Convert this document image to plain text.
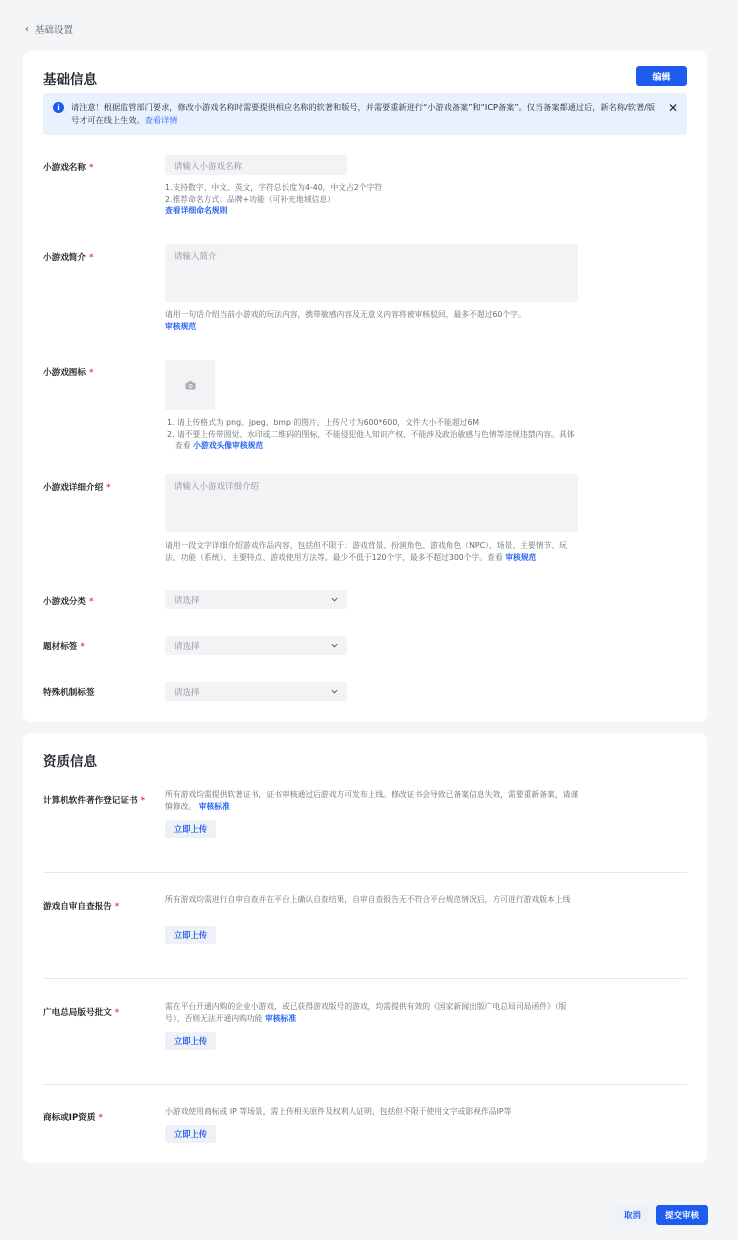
‹ 基础设置
基础信息	编辑
i	请注意！根据监管部门要求，修改小游戏名称时需要提供相应名称的软著和版号，并需要重新进行“小游戏备案”和“ICP备案”。仅当备案都通过后，新名称/软著/版号才可在线上生效。查看详情
✕
小游戏名称 *	请输入小游戏名称
1.支持数字、中文、英文，字符总长度为4-40，中文占2个字符
2.推荐命名方式：品牌+功能（可补充地域信息）
查看详细命名规则
小游戏简介 *	请输入简介
请用一句话介绍当前小游戏的玩法内容，携带敏感内容及无意义内容将被审核驳回，最多不超过60个字。
审核规范
小游戏图标 *
1. 请上传格式为 png、jpeg、bmp 的图片，上传尺寸为600*600，文件大小不能超过6M
2. 请不要上传带圆觉、水印或二维码的图标，不能侵犯他人知识产权、不能涉及政治敏感与色情等违规违禁内容。具体查看 小游戏头像审核规范
小游戏详细介绍 *	请输入小游戏详细介绍
请用一段文字详细介绍游戏作品内容，包括但不限于：游戏背景、扮演角色、游戏角色（NPC）、场景、主要情节、玩法、功能（系统）、主要特点、游戏使用方法等。最少不低于120个字，最多不超过300个字。查看 审核规范
小游戏分类 *	请选择
题材标签 *	请选择
特殊机制标签	请选择
资质信息
计算机软件著作登记证书 *
所有游戏均需提供软著证书，证书审核通过后游戏方可发布上线。修改证书会导致已备案信息失效，需要重新备案，请谨慎修改。 审核标准
立即上传
游戏自审自查报告 *
所有游戏均需进行自审自查并在平台上确认自查结果，自审自查报告无不符合平台规范情况后，方可进行游戏版本上线
立即上传
广电总局版号批文 *
需在平台开通内购的企业小游戏，或已获得游戏版号的游戏，均需提供有效的《国家新闻出版广电总局司局函件》（版号），否则无法开通内购功能 审核标准
立即上传
商标或IP资质 *
小游戏使用商标或 IP 等场景，需上传相关原件及权利人证明，包括但不限于使用文字或影视作品IP等
立即上传
取消	提交审核
